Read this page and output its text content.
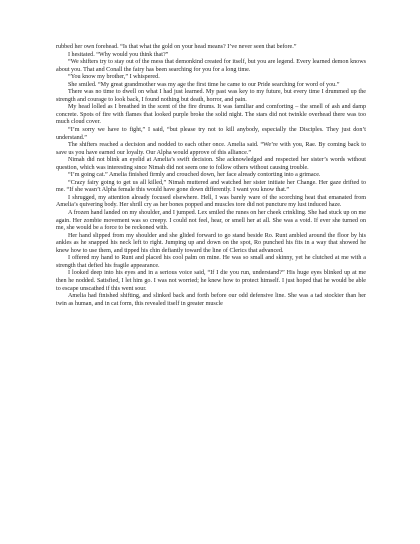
rubbed her own forehead. “Is that what the gold on your head means? I’ve never seen that before.”

I hesitated. “Why would you think that?”

“We shifters try to stay out of the mess that demonkind created for itself, but you are legend. Every learned demon knows about you. That and Conall the fairy has been searching for you for a long time.

“You know my brother,” I whispered.

She smiled. “My great grandmother was my age the first time he came to our Pride searching for word of you.”

There was no time to dwell on what I had just learned. My past was key to my future, but every time I drummed up the strength and courage to look back, I found nothing but death, horror, and pain.

My head lolled as I breathed in the scent of the fire drums. It was familiar and comforting – the smell of ash and damp concrete. Spots of fire with flames that looked purple broke the solid night. The stars did not twinkle overhead there was too much cloud cover.

“I’m sorry we have to fight,” I said, “but please try not to kill anybody, especially the Disciples. They just don’t understand.”

The shifters reached a decision and nodded to each other once. Amelia said. “We’re with you, Rae. By coming back to save us you have earned our loyalty. Our Alpha would approve of this alliance.”

Nimah did not blink an eyelid at Amelia’s swift decision. She acknowledged and respected her sister’s words without question, which was interesting since Nimah did not seem one to follow others without causing trouble.

“I’m going cat.” Amelia finished firmly and crouched down, her face already contorting into a grimace.

“Crazy fairy going to get us all killed,” Nimah muttered and watched her sister initiate her Change. Her gaze drifted to me. “If she wasn’t Alpha female this would have gone down differently. I want you know that.”

I shrugged, my attention already focused elsewhere. Hell, I was barely ware of the scorching heat that emanated from Amelia’s quivering body. Her shrill cry as her bones popped and muscles tore did not puncture my lust induced haze.

A frozen hand landed on my shoulder, and I jumped. Lex smiled the runes on her cheek crinkling. She had stuck up on me again. Her zombie movement was so creepy. I could not feel, hear, or smell her at all. She was a void. If ever she turned on me, she would be a force to be reckoned with.

Her hand slipped from my shoulder and she glided forward to go stand beside Ro. Runt ambled around the floor by his ankles as he snapped his neck left to right. Jumping up and down on the spot, Ro punched his fits in a way that showed he knew how to use them, and tipped his chin defiantly toward the line of Clerics that advanced.

I offered my hand to Runt and placed his cool palm on mine. He was so small and skinny, yet he clutched at me with a strength that defied his fragile appearance.

I looked deep into his eyes and in a serious voice said, “If I die you run, understand?” His huge eyes blinked up at me then he nodded. Satisfied, I let him go. I was not worried; he knew how to protect himself. I just hoped that he would be able to escape unscathed if this went sour.

Amelia had finished shifting, and slinked back and forth before our odd defensive line. She was a tad stockier than her twin as human, and in cat form, this revealed itself in greater muscle
